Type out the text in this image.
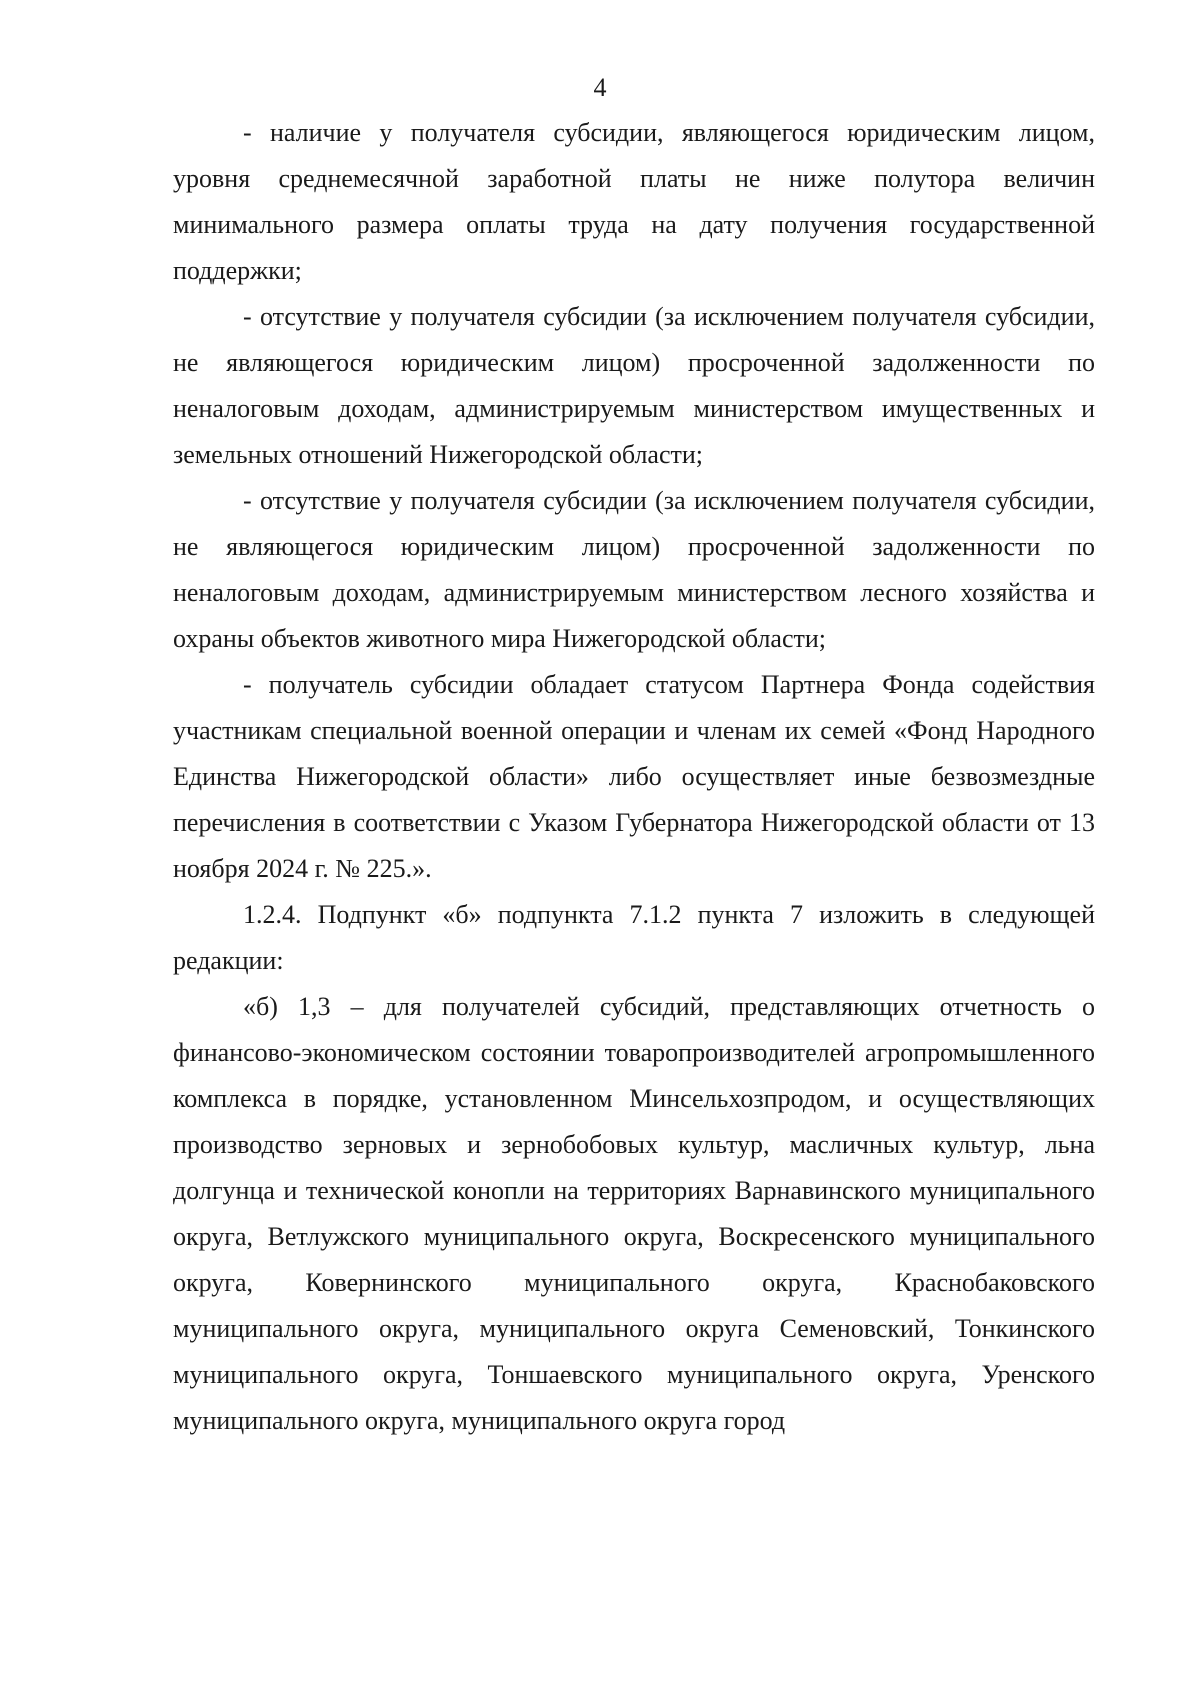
4

- наличие у получателя субсидии, являющегося юридическим лицом, уровня среднемесячной заработной платы не ниже полутора величин минимального размера оплаты труда на дату получения государственной поддержки;

- отсутствие у получателя субсидии (за исключением получателя субсидии, не являющегося юридическим лицом) просроченной задолженности по неналоговым доходам, администрируемым министерством имущественных и земельных отношений Нижегородской области;

- отсутствие у получателя субсидии (за исключением получателя субсидии, не являющегося юридическим лицом) просроченной задолженности по неналоговым доходам, администрируемым министерством лесного хозяйства и охраны объектов животного мира Нижегородской области;

- получатель субсидии обладает статусом Партнера Фонда содействия участникам специальной военной операции и членам их семей «Фонд Народного Единства Нижегородской области» либо осуществляет иные безвозмездные перечисления в соответствии с Указом Губернатора Нижегородской области от 13 ноября 2024 г. № 225.».

1.2.4. Подпункт «б» подпункта 7.1.2 пункта 7 изложить в следующей редакции:

«б) 1,3 – для получателей субсидий, представляющих отчетность о финансово-экономическом состоянии товаропроизводителей агропромышленного комплекса в порядке, установленном Минсельхозпродом, и осуществляющих производство зерновых и зернобобовых культур, масличных культур, льна долгунца и технической конопли на территориях Варнавинского муниципального округа, Ветлужского муниципального округа, Воскресенского муниципального округа, Ковернинского муниципального округа, Краснобаковского муниципального округа, муниципального округа Семеновский, Тонкинского муниципального округа, Тоншаевского муниципального округа, Уренского муниципального округа, муниципального округа город
